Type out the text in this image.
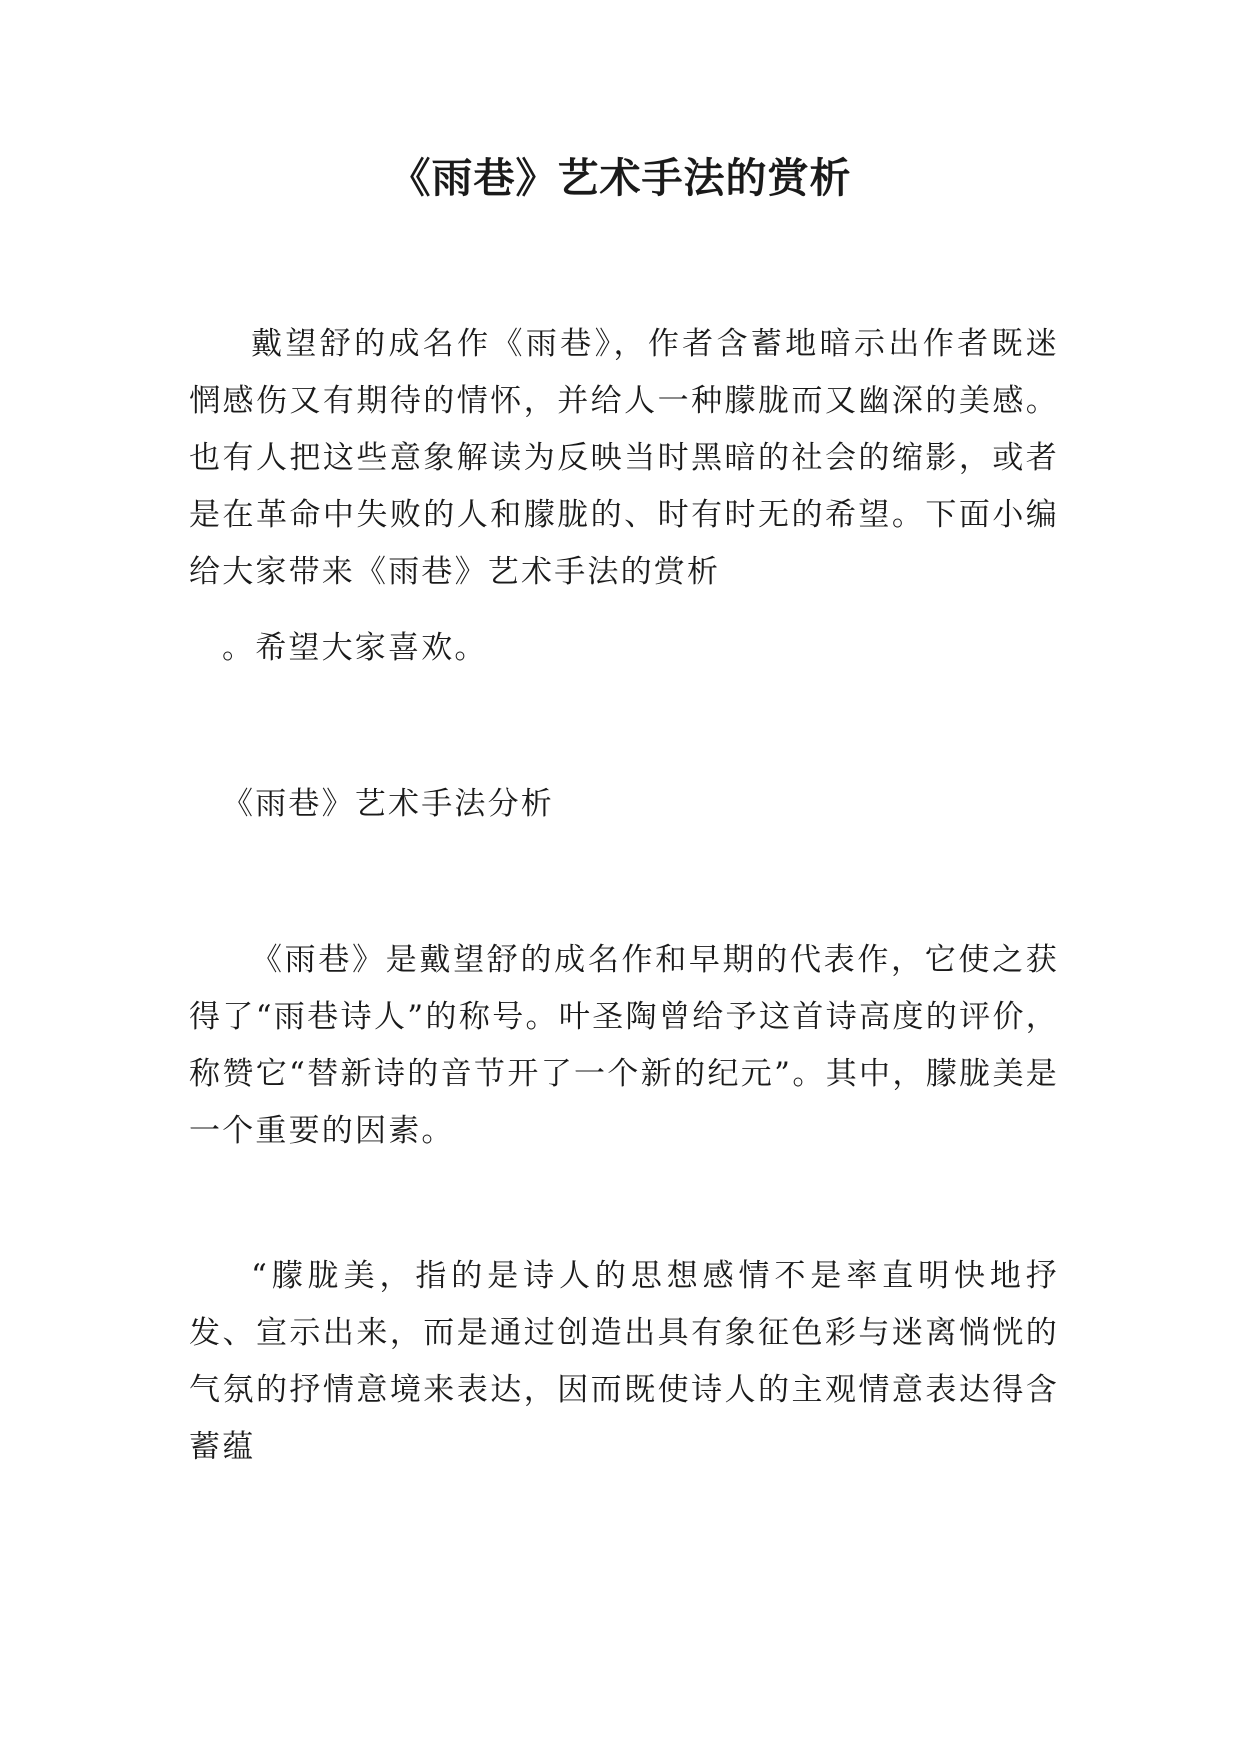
《雨巷》艺术手法的赏析

戴望舒的成名作《雨巷》，作者含蓄地暗示出作者既迷惘感伤又有期待的情怀，并给人一种朦胧而又幽深的美感。也有人把这些意象解读为反映当时黑暗的社会的缩影，或者是在革命中失败的人和朦胧的、时有时无的希望。下面小编给大家带来《雨巷》艺术手法的赏析

。希望大家喜欢。

《雨巷》艺术手法分析

《雨巷》是戴望舒的成名作和早期的代表作，它使之获得了“雨巷诗人”的称号。叶圣陶曾给予这首诗高度的评价，称赞它“替新诗的音节开了一个新的纪元”。其中，朦胧美是一个重要的因素。

“朦胧美，指的是诗人的思想感情不是率直明快地抒发、宣示出来，而是通过创造出具有象征色彩与迷离惝恍的气氛的抒情意境来表达，因而既使诗人的主观情意表达得含蓄蕴
